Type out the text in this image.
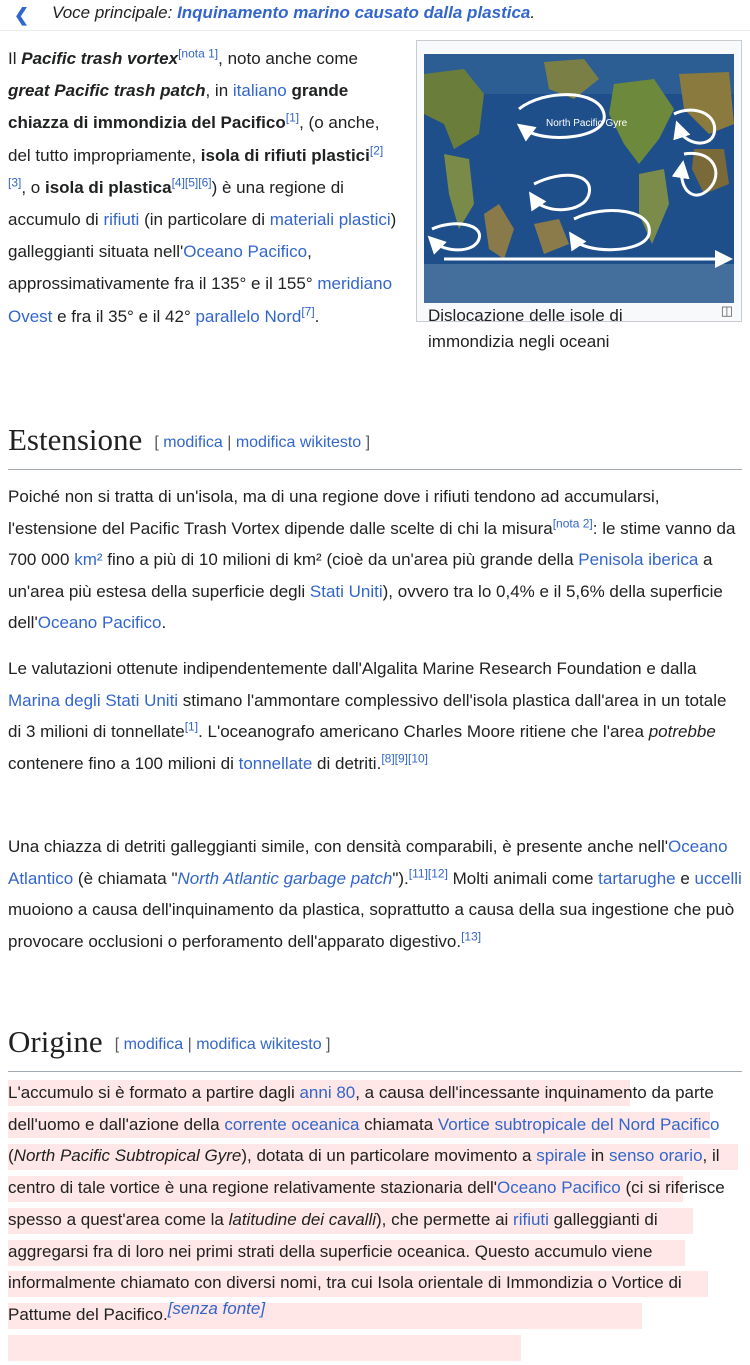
❮ Voce principale: Inquinamento marino causato dalla plastica.

Il Pacific trash vortex[nota 1], noto anche come great Pacific trash patch, in italiano grande chiazza di immondizia del Pacifico[1], (o anche, del tutto impropriamente, isola di rifiuti plastici[2][3], o isola di plastica[4][5][6]) è una regione di accumulo di rifiuti (in particolare di materiali plastici) galleggianti situata nell'Oceano Pacifico, approssimativamente fra il 135° e il 155° meridiano Ovest e fra il 35° e il 42° parallelo Nord[7].

North Pacific Gyre
Dislocazione delle isole di immondizia negli oceani
◫
Estensione [ modifica | modifica wikitesto ]

Poiché non si tratta di un'isola, ma di una regione dove i rifiuti tendono ad accumularsi, l'estensione del Pacific Trash Vortex dipende dalle scelte di chi la misura[nota 2]: le stime vanno da 700 000 km² fino a più di 10 milioni di km² (cioè da un'area più grande della Penisola iberica a un'area più estesa della superficie degli Stati Uniti), ovvero tra lo 0,4% e il 5,6% della superficie dell'Oceano Pacifico.

Le valutazioni ottenute indipendentemente dall'Algalita Marine Research Foundation e dalla Marina degli Stati Uniti stimano l'ammontare complessivo dell'isola plastica dall'area in un totale di 3 milioni di tonnellate[1]. L'oceanografo americano Charles Moore ritiene che l'area potrebbe contenere fino a 100 milioni di tonnellate di detriti.[8][9][10]

Una chiazza di detriti galleggianti simile, con densità comparabili, è presente anche nell'Oceano Atlantico (è chiamata "North Atlantic garbage patch").[11][12] Molti animali come tartarughe e uccelli muoiono a causa dell'inquinamento da plastica, soprattutto a causa della sua ingestione che può provocare occlusioni o perforamento dell'apparato digestivo.[13]

Origine [ modifica | modifica wikitesto ]

L'accumulo si è formato a partire dagli anni 80, a causa dell'incessante inquinamento da parte dell'uomo e dall'azione della corrente oceanica chiamata Vortice subtropicale del Nord Pacifico (North Pacific Subtropical Gyre), dotata di un particolare movimento a spirale in senso orario, il centro di tale vortice è una regione relativamente stazionaria dell'Oceano Pacifico (ci si riferisce spesso a quest'area come la latitudine dei cavalli), che permette ai rifiuti galleggianti di aggregarsi fra di loro nei primi strati della superficie oceanica. Questo accumulo viene informalmente chiamato con diversi nomi, tra cui Isola orientale di Immondizia o Vortice di Pattume del Pacifico.[senza fonte]
